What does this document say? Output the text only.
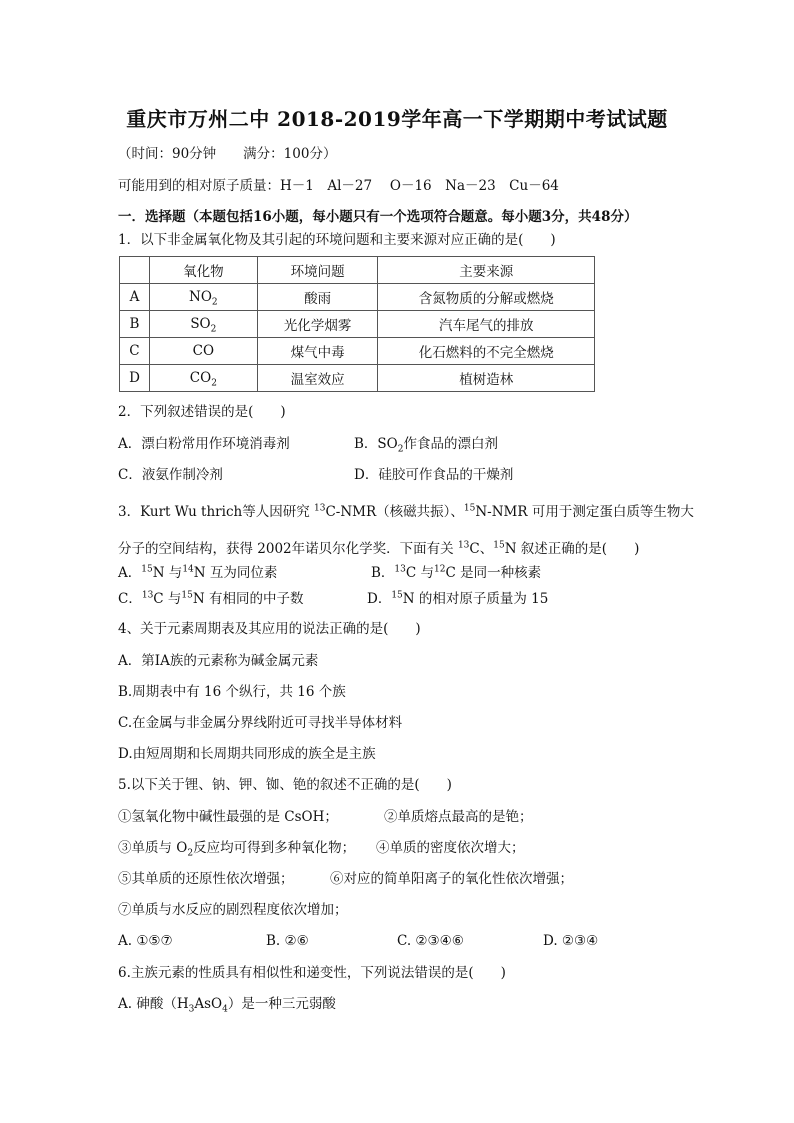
重庆市万州二中 2018-2019学年高一下学期期中考试试题
（时间：90分钟　　满分：100分）
可能用到的相对原子质量：H－1　Al－27　 O－16　Na－23　Cu－64
一．选择题（本题包括16小题，每小题只有一个选项符合题意。每小题3分，共48分）
1．以下非金属氧化物及其引起的环境问题和主要来源对应正确的是(　　)
	氧化物	环境问题	主要来源
A	$NO_2$	酸雨	含氮物质的分解或燃烧
B	$SO_2$	光化学烟雾	汽车尾气的排放
C	CO	煤气中毒	化石燃料的不完全燃烧
D	$CO_2$	温室效应	植树造林
2．下列叙述错误的是(　　)
A．漂白粉常用作环境消毒剂	B．$SO_2$作食品的漂白剂
C．液氨作制冷剂	D．硅胶可作食品的干燥剂
3．Kurt Wu thrich等人因研究 $^{13}$C-NMR（核磁共振）、$^{15}$N-NMR 可用于测定蛋白质等生物大
分子的空间结构，获得 2002年诺贝尔化学奖．下面有关 $^{13}$C、$^{15}$N 叙述正确的是(　　)
A．$^{15}$N 与$^{14}$N 互为同位素	B．$^{13}$C 与$^{12}$C 是同一种核素
C．$^{13}$C 与$^{15}$N 有相同的中子数	D．$^{15}$N 的相对原子质量为 15
4、关于元素周期表及其应用的说法正确的是(　　)
A．第ⅠA族的元素称为碱金属元素
B.周期表中有 16 个纵行，共 16 个族
C.在金属与非金属分界线附近可寻找半导体材料
D.由短周期和长周期共同形成的族全是主族
5.以下关于锂、钠、钾、铷、铯的叙述不正确的是(　　)
①氢氧化物中碱性最强的是 CsOH；	②单质熔点最高的是铯；
③单质与 $O_2$反应均可得到多种氧化物； ④单质的密度依次增大；
⑤其单质的还原性依次增强；	⑥对应的简单阳离子的氧化性依次增强；
⑦单质与水反应的剧烈程度依次增加；
A. ①⑤⑦	B. ②⑥	C. ②③④⑥	D. ②③④
6.主族元素的性质具有相似性和递变性，下列说法错误的是(　　)
A. 砷酸$(H_3AsO_4)$是一种三元弱酸
